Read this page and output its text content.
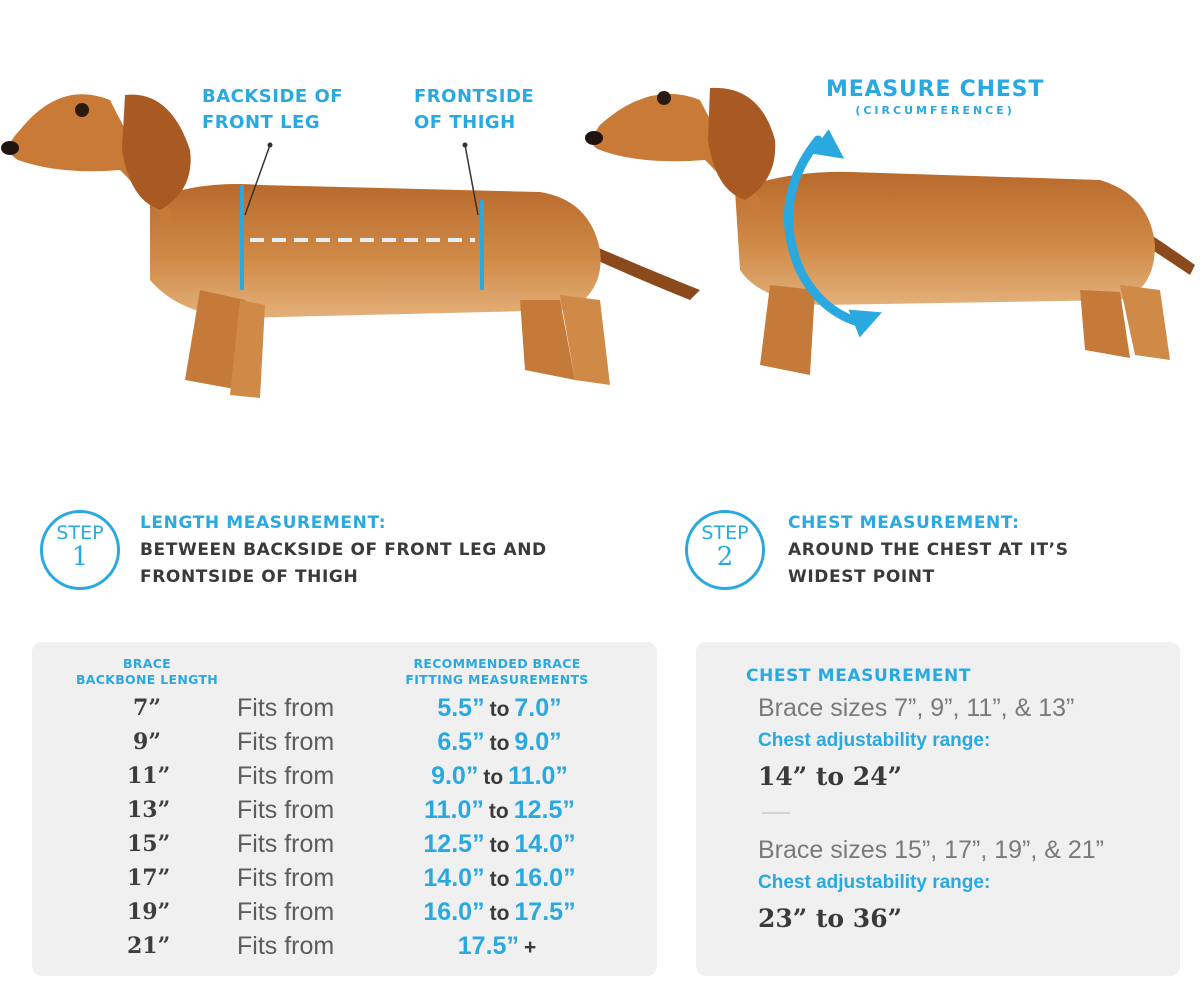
BACKSIDE OF
FRONT LEG
FRONTSIDE
OF THIGH
MEASURE CHEST
(CIRCUMFERENCE)
STEP
1
LENGTH MEASUREMENT:
BETWEEN BACKSIDE OF FRONT LEG AND FRONTSIDE OF THIGH
STEP
2
CHEST MEASUREMENT:
AROUND THE CHEST AT IT’S WIDEST POINT
BRACE
BACKBONE LENGTH
RECOMMENDED BRACE
FITTING MEASUREMENTS
7”	Fits from	5.5” to 7.0”
9”	Fits from	6.5” to 9.0”
11”	Fits from	9.0” to 11.0”
13”	Fits from	11.0” to 12.5”
15”	Fits from	12.5” to 14.0”
17”	Fits from	14.0” to 16.0”
19”	Fits from	16.0” to 17.5”
21”	Fits from	17.5” +
CHEST MEASUREMENT
Brace sizes 7”, 9”, 11”, & 13”
Chest adjustability range:
14” to 24”
Brace sizes 15”, 17”, 19”, & 21”
Chest adjustability range:
23” to 36”
